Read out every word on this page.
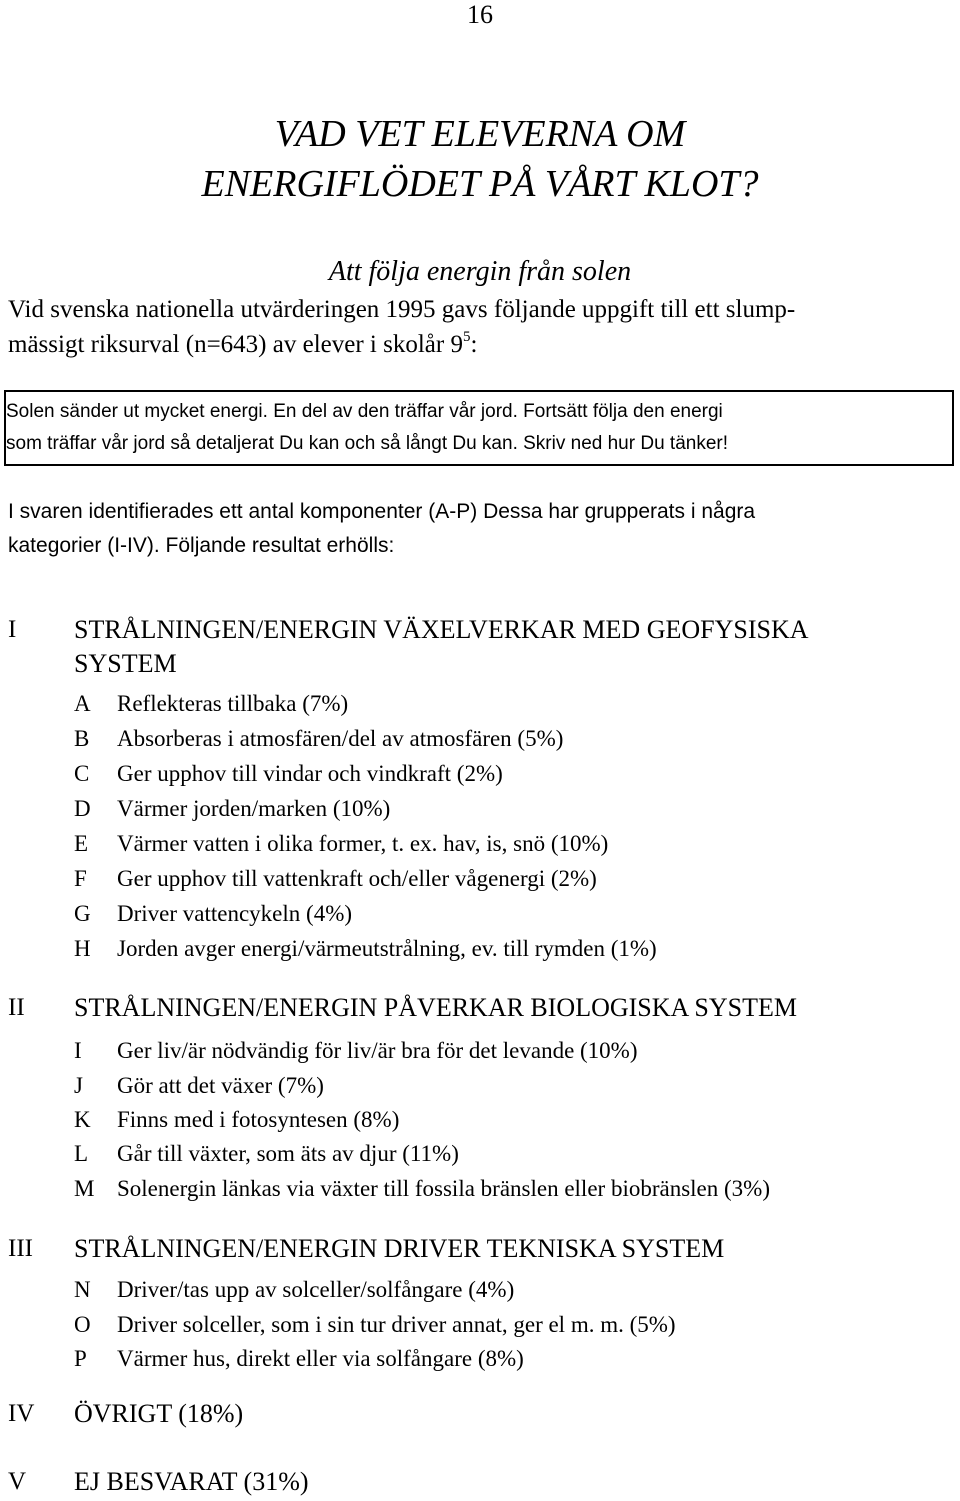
16
VAD VET ELEVERNA OM
ENERGIFLÖDET PÅ VÅRT KLOT?
Att följa energin från solen
Vid svenska nationella utvärderingen 1995 gavs följande uppgift till ett slump-
mässigt riksurval (n=643) av elever i skolår $9^5$:
Solen sänder ut mycket energi. En del av den träffar vår jord. Fortsätt följa den energi
som träffar vår jord så detaljerat Du kan och så långt Du kan. Skriv ned hur Du tänker!
I svaren identifierades ett antal komponenter (A-P) Dessa har grupperats i några
kategorier (I-IV). Följande resultat erhölls:
I STRÅLNINGEN/ENERGIN VÄXELVERKAR MED GEOFYSISKA
SYSTEM
A Reflekteras tillbaka (7%)
B Absorberas i atmosfären/del av atmosfären (5%)
C Ger upphov till vindar och vindkraft (2%)
D Värmer jorden/marken (10%)
E Värmer vatten i olika former, t. ex. hav, is, snö (10%)
F Ger upphov till vattenkraft och/eller vågenergi (2%)
G Driver vattencykeln (4%)
H Jorden avger energi/värmeutstrålning, ev. till rymden (1%)
II STRÅLNINGEN/ENERGIN PÅVERKAR BIOLOGISKA SYSTEM
I Ger liv/är nödvändig för liv/är bra för det levande (10%)
J Gör att det växer (7%)
K Finns med i fotosyntesen (8%)
L Går till växter, som äts av djur (11%)
M Solenergin länkas via växter till fossila bränslen eller biobränslen (3%)
III STRÅLNINGEN/ENERGIN DRIVER TEKNISKA SYSTEM
N Driver/tas upp av solceller/solfångare (4%)
O Driver solceller, som i sin tur driver annat, ger el m. m. (5%)
P Värmer hus, direkt eller via solfångare (8%)
IV ÖVRIGT (18%)
V EJ BESVARAT (31%)
